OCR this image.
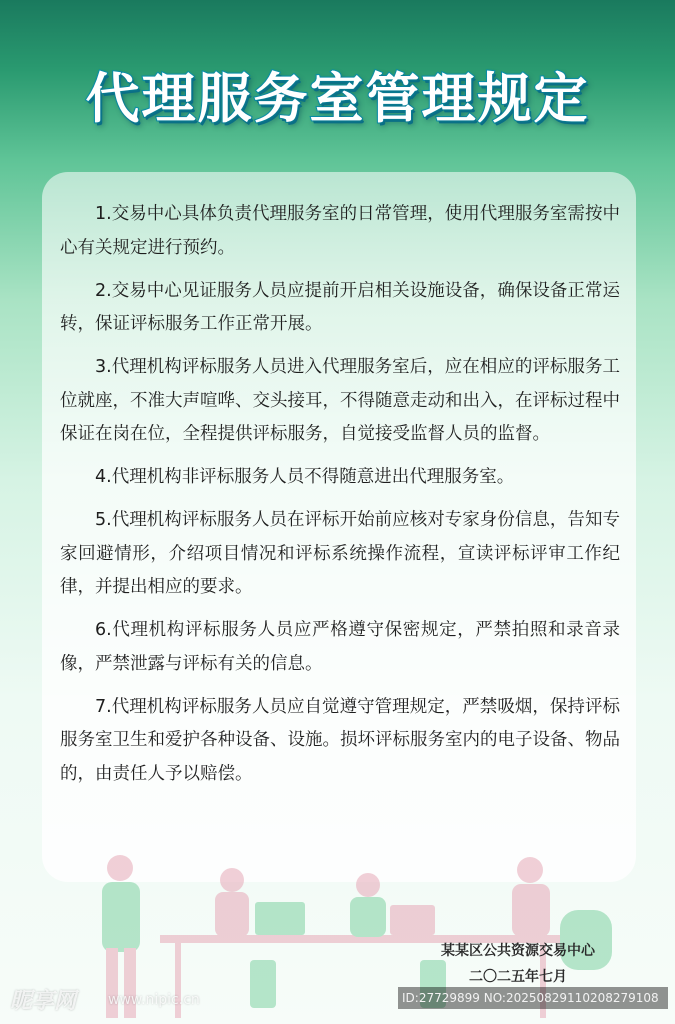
代理服务室管理规定
1.交易中心具体负责代理服务室的日常管理，使用代理服务室需按中心有关规定进行预约。
2.交易中心见证服务人员应提前开启相关设施设备，确保设备正常运转，保证评标服务工作正常开展。
3.代理机构评标服务人员进入代理服务室后，应在相应的评标服务工位就座，不准大声喧哗、交头接耳，不得随意走动和出入，在评标过程中保证在岗在位，全程提供评标服务，自觉接受监督人员的监督。
4.代理机构非评标服务人员不得随意进出代理服务室。
5.代理机构评标服务人员在评标开始前应核对专家身份信息，告知专家回避情形，介绍项目情况和评标系统操作流程，宣读评标评审工作纪律，并提出相应的要求。
6.代理机构评标服务人员应严格遵守保密规定，严禁拍照和录音录像，严禁泄露与评标有关的信息。
7.代理机构评标服务人员应自觉遵守管理规定，严禁吸烟，保持评标服务室卫生和爱护各种设备、设施。损坏评标服务室内的电子设备、物品的，由责任人予以赔偿。
某某区公共资源交易中心
二〇二五年七月
昵享网 www.nipic.cn	ID:27729899 NO:20250829110208279108
